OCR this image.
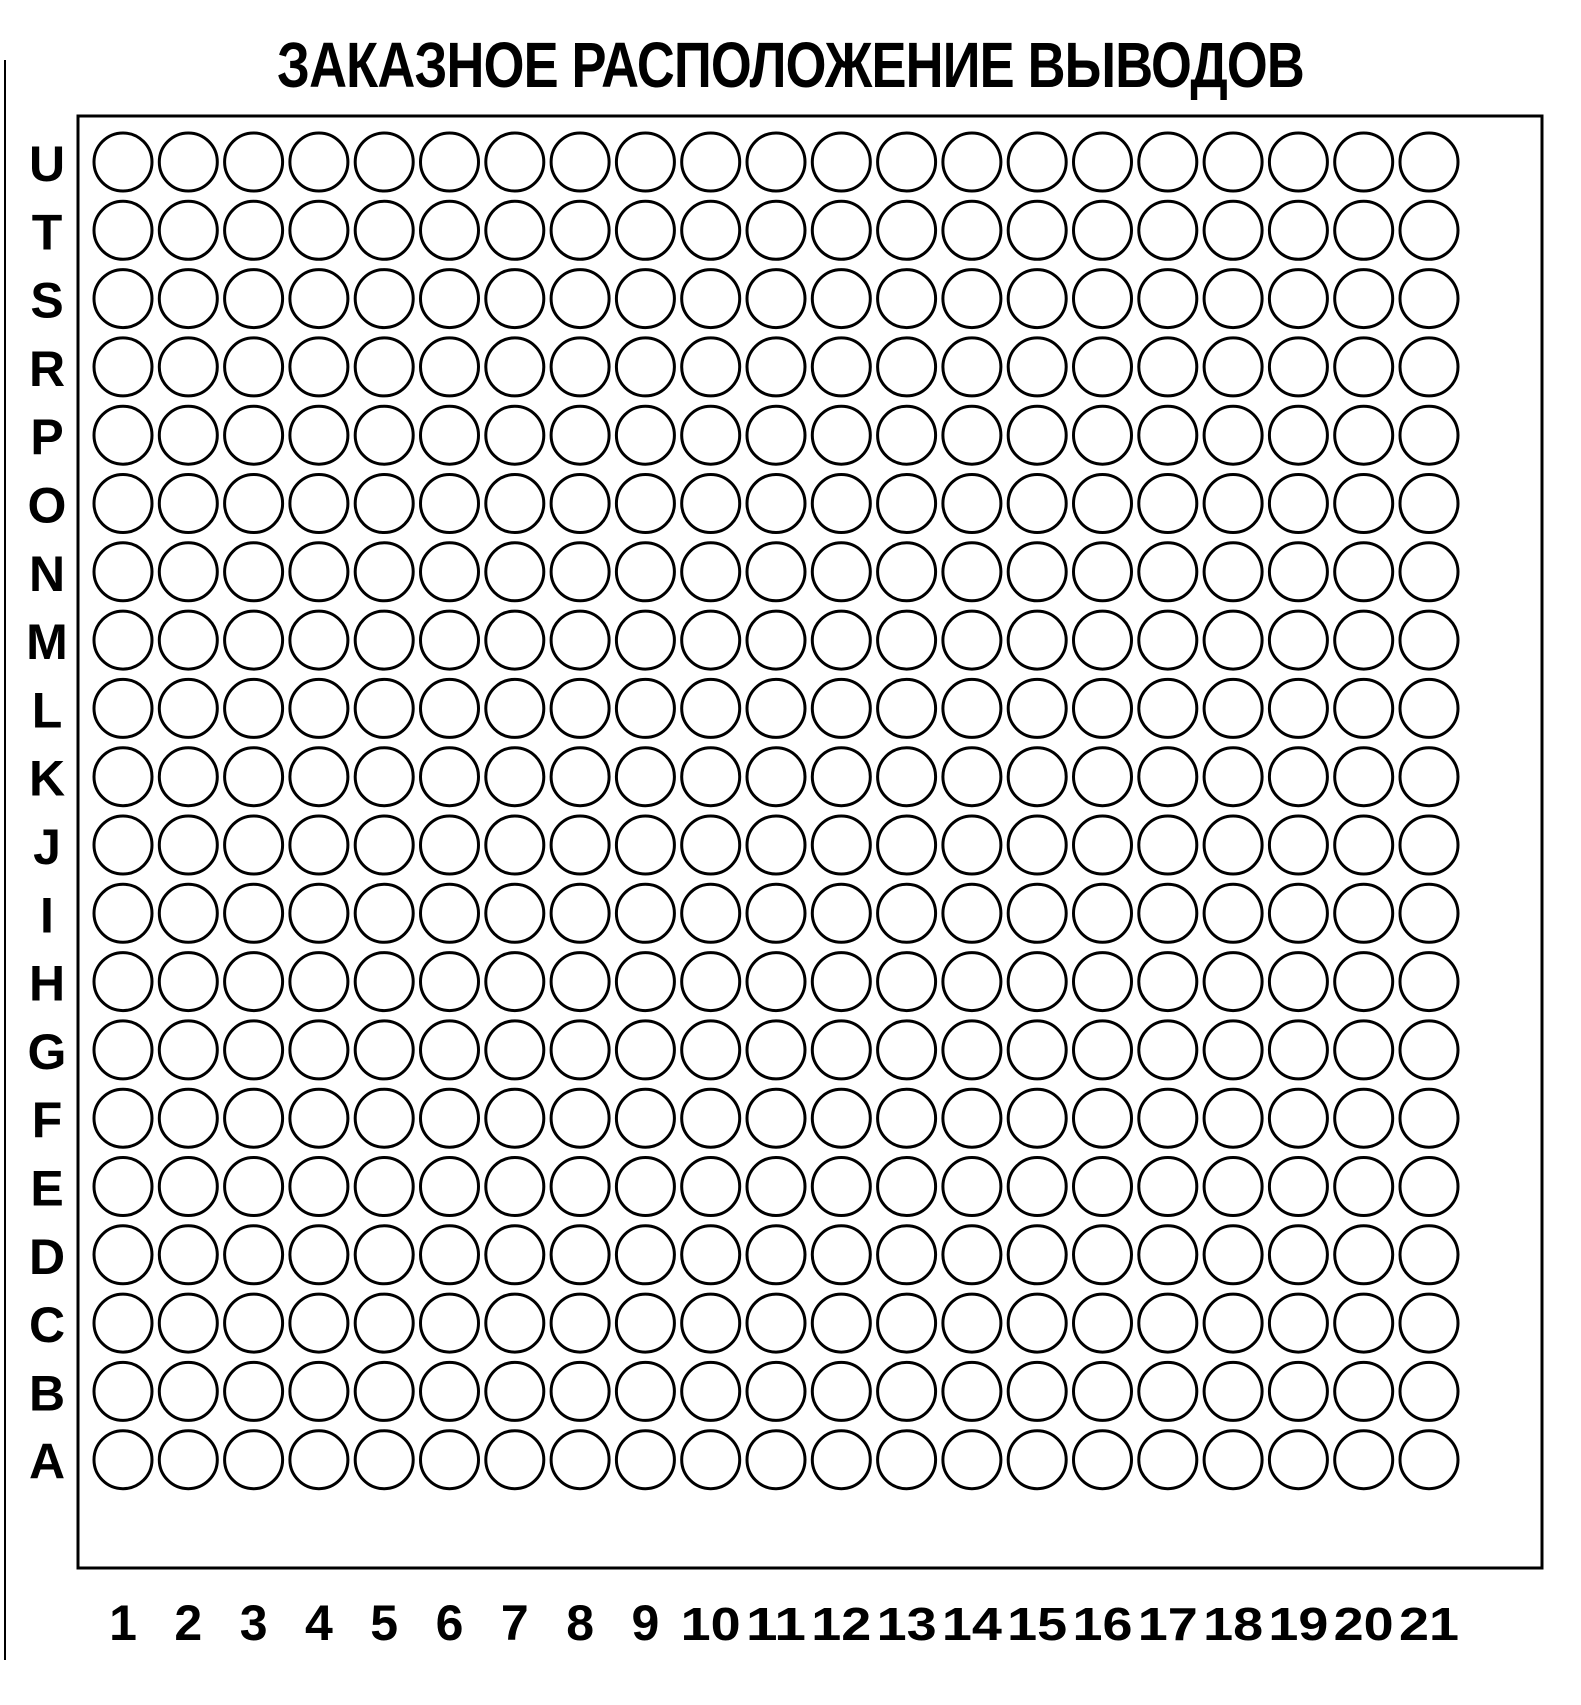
ЗАКАЗНОЕ РАСПОЛОЖЕНИЕ ВЫВОДОВ
U
T
S
R
P
O
N
M
L
K
J
I
H
G
F
E
D
C
B
A
1 2 3 4 5 6 7 8 9 10 11 12 13 14 15 16 17 18 19 20 21
